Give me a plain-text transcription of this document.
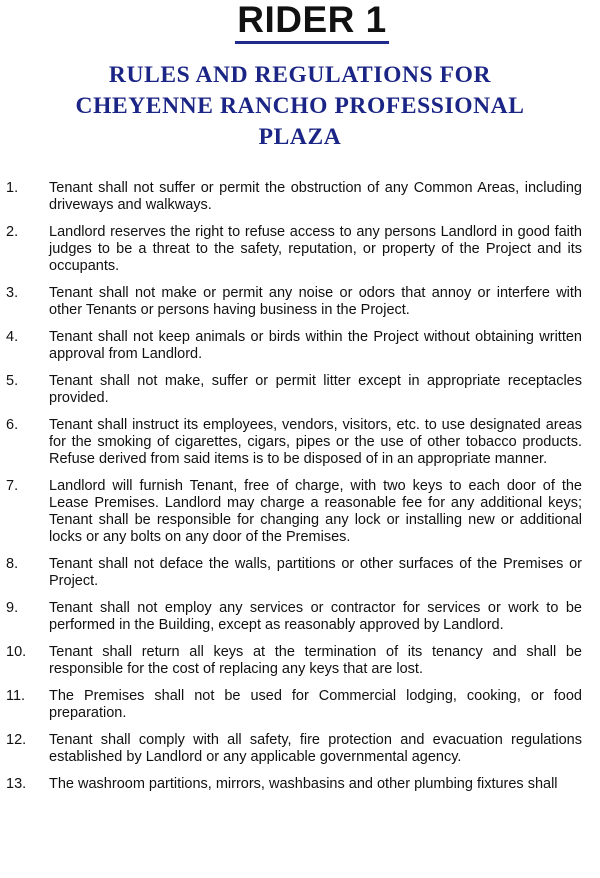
RIDER 1
RULES AND REGULATIONS FOR
CHEYENNE RANCHO PROFESSIONAL
PLAZA
1. Tenant shall not suffer or permit the obstruction of any Common Areas, including driveways and walkways.
2. Landlord reserves the right to refuse access to any persons Landlord in good faith judges to be a threat to the safety, reputation, or property of the Project and its occupants.
3. Tenant shall not make or permit any noise or odors that annoy or interfere with other Tenants or persons having business in the Project.
4. Tenant shall not keep animals or birds within the Project without obtaining written approval from Landlord.
5. Tenant shall not make, suffer or permit litter except in appropriate receptacles provided.
6. Tenant shall instruct its employees, vendors, visitors, etc. to use designated areas for the smoking of cigarettes, cigars, pipes or the use of other tobacco products. Refuse derived from said items is to be disposed of in an appropriate manner.
7. Landlord will furnish Tenant, free of charge, with two keys to each door of the Lease Premises. Landlord may charge a reasonable fee for any additional keys; Tenant shall be responsible for changing any lock or installing new or additional locks or any bolts on any door of the Premises.
8. Tenant shall not deface the walls, partitions or other surfaces of the Premises or Project.
9. Tenant shall not employ any services or contractor for services or work to be performed in the Building, except as reasonably approved by Landlord.
10. Tenant shall return all keys at the termination of its tenancy and shall be responsible for the cost of replacing any keys that are lost.
11. The Premises shall not be used for Commercial lodging, cooking, or food preparation.
12. Tenant shall comply with all safety, fire protection and evacuation regulations established by Landlord or any applicable governmental agency.
13. The washroom partitions, mirrors, washbasins and other plumbing fixtures shall
